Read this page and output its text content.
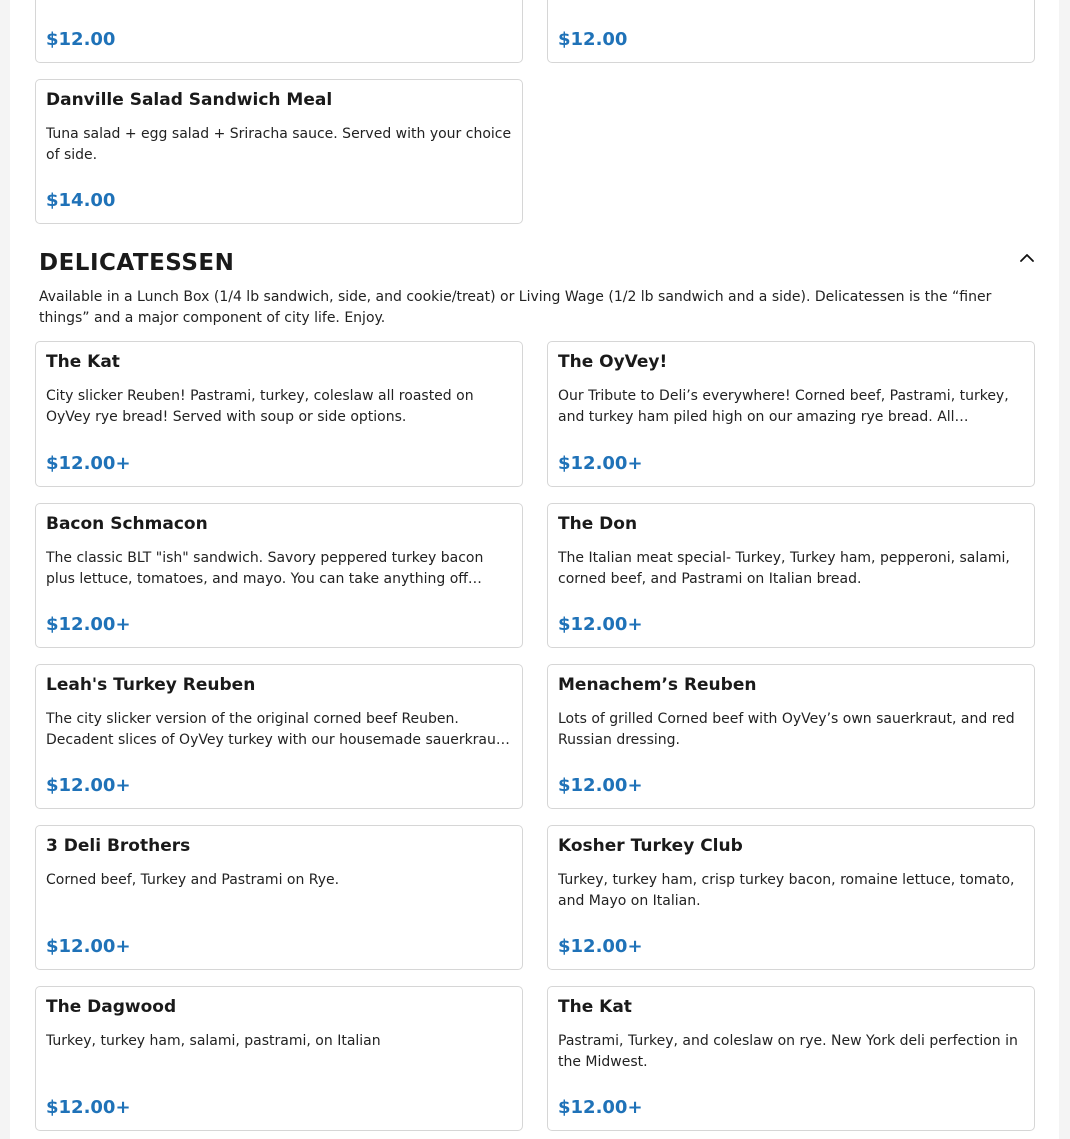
$12.00	$12.00
Danville Salad Sandwich Meal
Tuna salad + egg salad + Sriracha sauce. Served with your choice of side.
$14.00
DELICATESSEN

Available in a Lunch Box (1/4 lb sandwich, side, and cookie/treat) or Living Wage (1/2 lb sandwich and a side). Delicatessen is the “finer things” and a major component of city life. Enjoy.

The Kat
City slicker Reuben! Pastrami, turkey, coleslaw all roasted on OyVey rye bread! Served with soup or side options.
$12.00+
The OyVey!
Our Tribute to Deli’s everywhere! Corned beef, Pastrami, turkey, and turkey ham piled high on our amazing rye bread. All…
$12.00+
Bacon Schmacon
The classic BLT "ish" sandwich. Savory peppered turkey bacon plus lettuce, tomatoes, and mayo. You can take anything off…
$12.00+
The Don
The Italian meat special- Turkey, Turkey ham, pepperoni, salami, corned beef, and Pastrami on Italian bread.
$12.00+
Leah's Turkey Reuben
The city slicker version of the original corned beef Reuben. Decadent slices of OyVey turkey with our housemade sauerkrau…
$12.00+
Menachem’s Reuben
Lots of grilled Corned beef with OyVey’s own sauerkraut, and red Russian dressing.
$12.00+
3 Deli Brothers
Corned beef, Turkey and Pastrami on Rye.
$12.00+
Kosher Turkey Club
Turkey, turkey ham, crisp turkey bacon, romaine lettuce, tomato, and Mayo on Italian.
$12.00+
The Dagwood
Turkey, turkey ham, salami, pastrami, on Italian
$12.00+
The Kat
Pastrami, Turkey, and coleslaw on rye. New York deli perfection in the Midwest.
$12.00+
